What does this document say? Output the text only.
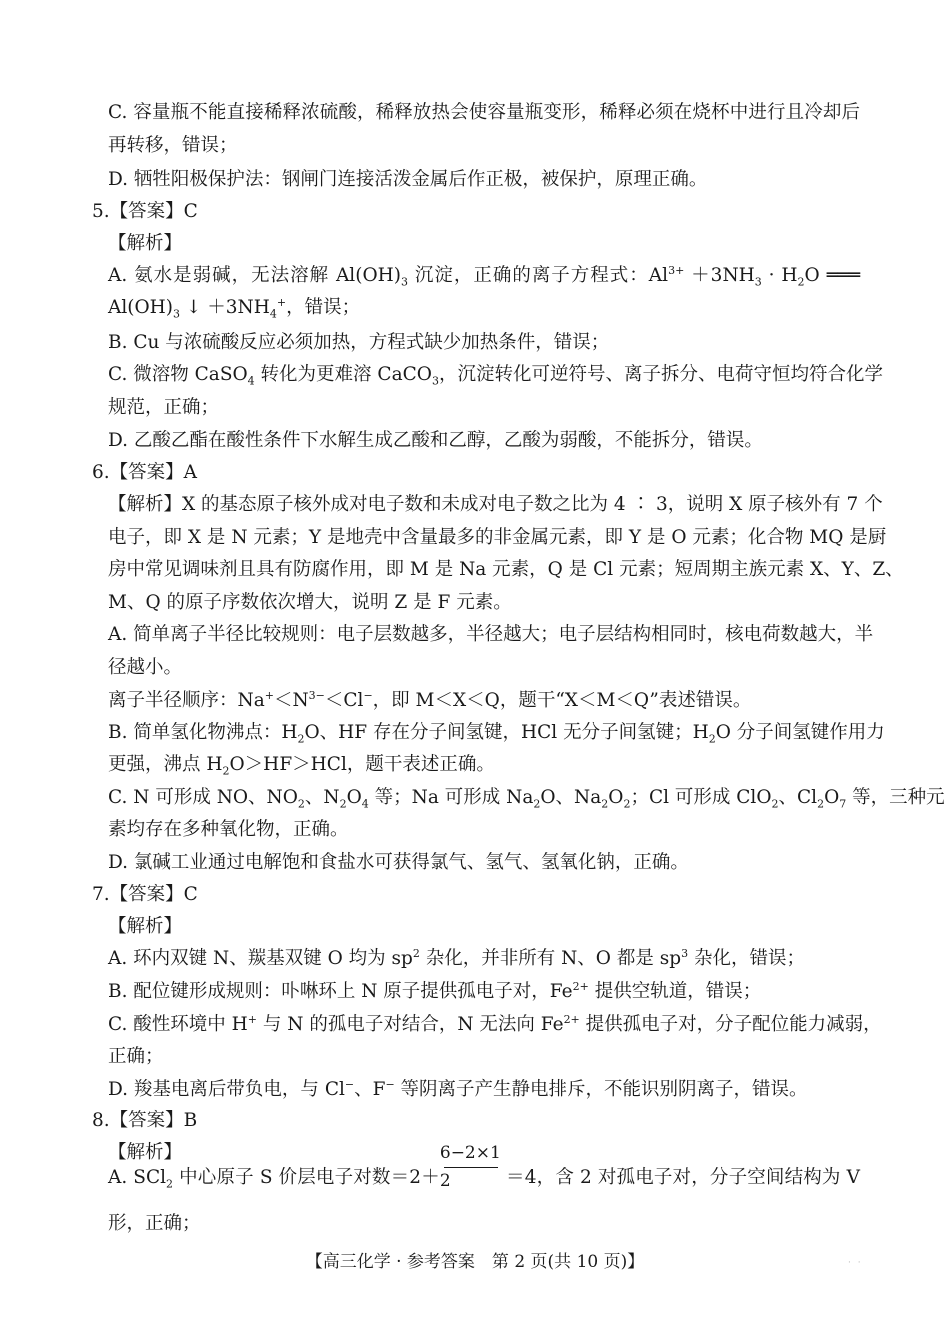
C. 容量瓶不能直接稀释浓硫酸，稀释放热会使容量瓶变形，稀释必须在烧杯中进行且冷却后
再转移，错误；
D. 牺牲阳极保护法：钢闸门连接活泼金属后作正极，被保护，原理正确。
5.【答案】C
【解析】
A. 氨水是弱碱，无法溶解 $Al(OH)_3$ 沉淀，正确的离子方程式：$Al^{3+} +3NH_3 \cdot H_2O$ ═══
$Al(OH)_3$ ↓ $+3NH_4^+$，错误；
B. Cu 与浓硫酸反应必须加热，方程式缺少加热条件，错误；
C. 微溶物 CaSO$_4$ 转化为更难溶 CaCO$_3$，沉淀转化可逆符号、离子拆分、电荷守恒均符合化学
规范，正确；
D. 乙酸乙酯在酸性条件下水解生成乙酸和乙醇，乙酸为弱酸，不能拆分，错误。
6.【答案】A
【解析】X 的基态原子核外成对电子数和未成对电子数之比为 4 ∶ 3，说明 X 原子核外有 7 个
电子，即 X 是 N 元素；Y 是地壳中含量最多的非金属元素，即 Y 是 O 元素；化合物 MQ 是厨
房中常见调味剂且具有防腐作用，即 M 是 Na 元素，Q 是 Cl 元素；短周期主族元素 X、Y、Z、
M、Q 的原子序数依次增大，说明 Z 是 F 元素。
A. 简单离子半径比较规则：电子层数越多，半径越大；电子层结构相同时，核电荷数越大，半
径越小。
离子半径顺序：$Na^+<N^{3-}<Cl^-$，即 M＜X＜Q，题干“X＜M＜Q”表述错误。
B. 简单氢化物沸点：$H_2O$、HF 存在分子间氢键，HCl 无分子间氢键；$H_2O$ 分子间氢键作用力
更强，沸点 $H_2O>HF>HCl$，题干表述正确。
C. N 可形成 NO、$NO_2$、$N_2O_4$ 等；Na 可形成 $Na_2O$、$Na_2O_2$；Cl 可形成 ClO$_2$、$Cl_2O_7$ 等，三种元
素均存在多种氧化物，正确。
D. 氯碱工业通过电解饱和食盐水可获得氯气、氢气、氢氧化钠，正确。
7.【答案】C
【解析】
A. 环内双键 N、羰基双键 O 均为 $sp^2$ 杂化，并非所有 N、O 都是 $sp^3$ 杂化，错误；
B. 配位键形成规则：卟啉环上 N 原子提供孤电子对，$Fe^{2+}$ 提供空轨道，错误；
C. 酸性环境中 H+ 与 N 的孤电子对结合，N 无法向 $Fe^{2+}$ 提供孤电子对，分子配位能力减弱，
正确；
D. 羧基电离后带负电，与 Cl−、F− 等阴离子产生静电排斥，不能识别阴离子，错误。
8.【答案】B
【解析】
A. SCl$_2$ 中心原子 S 价层电子对数＝2＋
6−2×1
2	＝4，含 2 对孤电子对，分子空间结构为 V
形，正确；
【高三化学 · 参考答案　第 2 页(共 10 页)】	· ·
